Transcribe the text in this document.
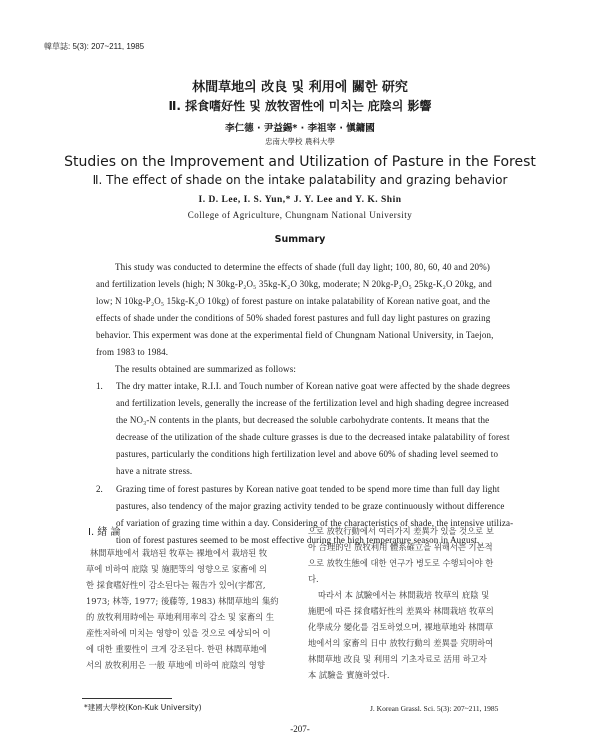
韓草誌: 5(3): 207~211, 1985
林間草地의 改良 및 利用에 關한 研究
Ⅱ. 採食嗜好性 및 放牧習性에 미치는 庇陰의 影響
李仁德 · 尹益錫* · 李祖宰 · 愼鏞國
忠南大學校 農科大學
Studies on the Improvement and Utilization of Pasture in the Forest
Ⅱ. The effect of shade on the intake palatability and grazing behavior
I. D. Lee, I. S. Yun,* J. Y. Lee and Y. K. Shin
College of Agriculture, Chungnam National University
Summary
This study was conducted to determine the effects of shade (full day light; 100, 80, 60, 40 and 20%)
and fertilization levels (high; N 30kg-P₂O₅ 35kg-K₂O 30kg, moderate; N 20kg-P₂O₅ 25kg-K₂O 20kg, and
low; N 10kg-P₂O₅ 15kg-K₂O 10kg) of forest pasture on intake palatability of Korean native goat, and the
effects of shade under the conditions of 50% shaded forest pastures and full day light pastures on grazing
behavior. This experment was done at the experimental field of Chungnam National University, in Taejon,
from 1983 to 1984.
The results obtained are summarized as follows:
1. The dry matter intake, R.I.I. and Touch number of Korean native goat were affected by the shade degrees
and fertilization levels, generally the increase of the fertilization level and high shading degree increased
the NO₃-N contents in the plants, but decreased the soluble carbohydrate contents. It means that the
decrease of the utilization of the shade culture grasses is due to the decreased intake palatability of forest
pastures, particularly the conditions high fertilization level and above 60% of shading level seemed to
have a nitrate stress.
2. Grazing time of forest pastures by Korean native goat tended to be spend more time than full day light
pastures, also tendency of the major grazing activity tended to be graze continuously without difference
of variation of grazing time within a day. Considering of the characteristics of shade, the intensive utiliza-
tion of forest pastures seemed to be most effective during the high temperature season in August.
Ⅰ. 緖 論
林間草地에서 栽培된 牧草는 裸地에서 栽培된 牧
草에 비하여 庇陰 및 施肥等의 영향으로 家畜에 의
한 採食嗜好性이 감소된다는 報告가 있어(宇都宮,
1973; 林等, 1977; 後藤等, 1983) 林間草地의 集約
的 放牧利用時에는 草地利用率의 감소 및 家畜의 生
産性저하에 미치는 영향이 있을 것으로 예상되어 이
에 대한 重要性이 크게 강조된다. 한편 林間草地에
서의 放牧利用은 一般 草地에 비하여 庇陰의 영향
으로 放牧行動에서 여러가지 差異가 있을 것으로 보
아 合理的인 放牧利用 體系確立을 위해서는 기본적
으로 放牧生態에 대한 연구가 병도로 수행되어야 한
다.
따라서 本 試驗에서는 林間栽培 牧草의 庇陰 및
施肥에 따른 採食嗜好性의 差異와 林間栽培 牧草의
化學成分 變化를 검토하였으며, 裸地草地와 林間草
地에서의 家畜의 日中 放牧行動의 差異를 究明하여
林間草地 改良 및 利用의 기초자료로 活用 하고자
本 試驗을 實施하였다.
*建國大學校(Kon-Kuk University)	J. Korean Grassl. Sci. 5(3): 207~211, 1985
-207-
